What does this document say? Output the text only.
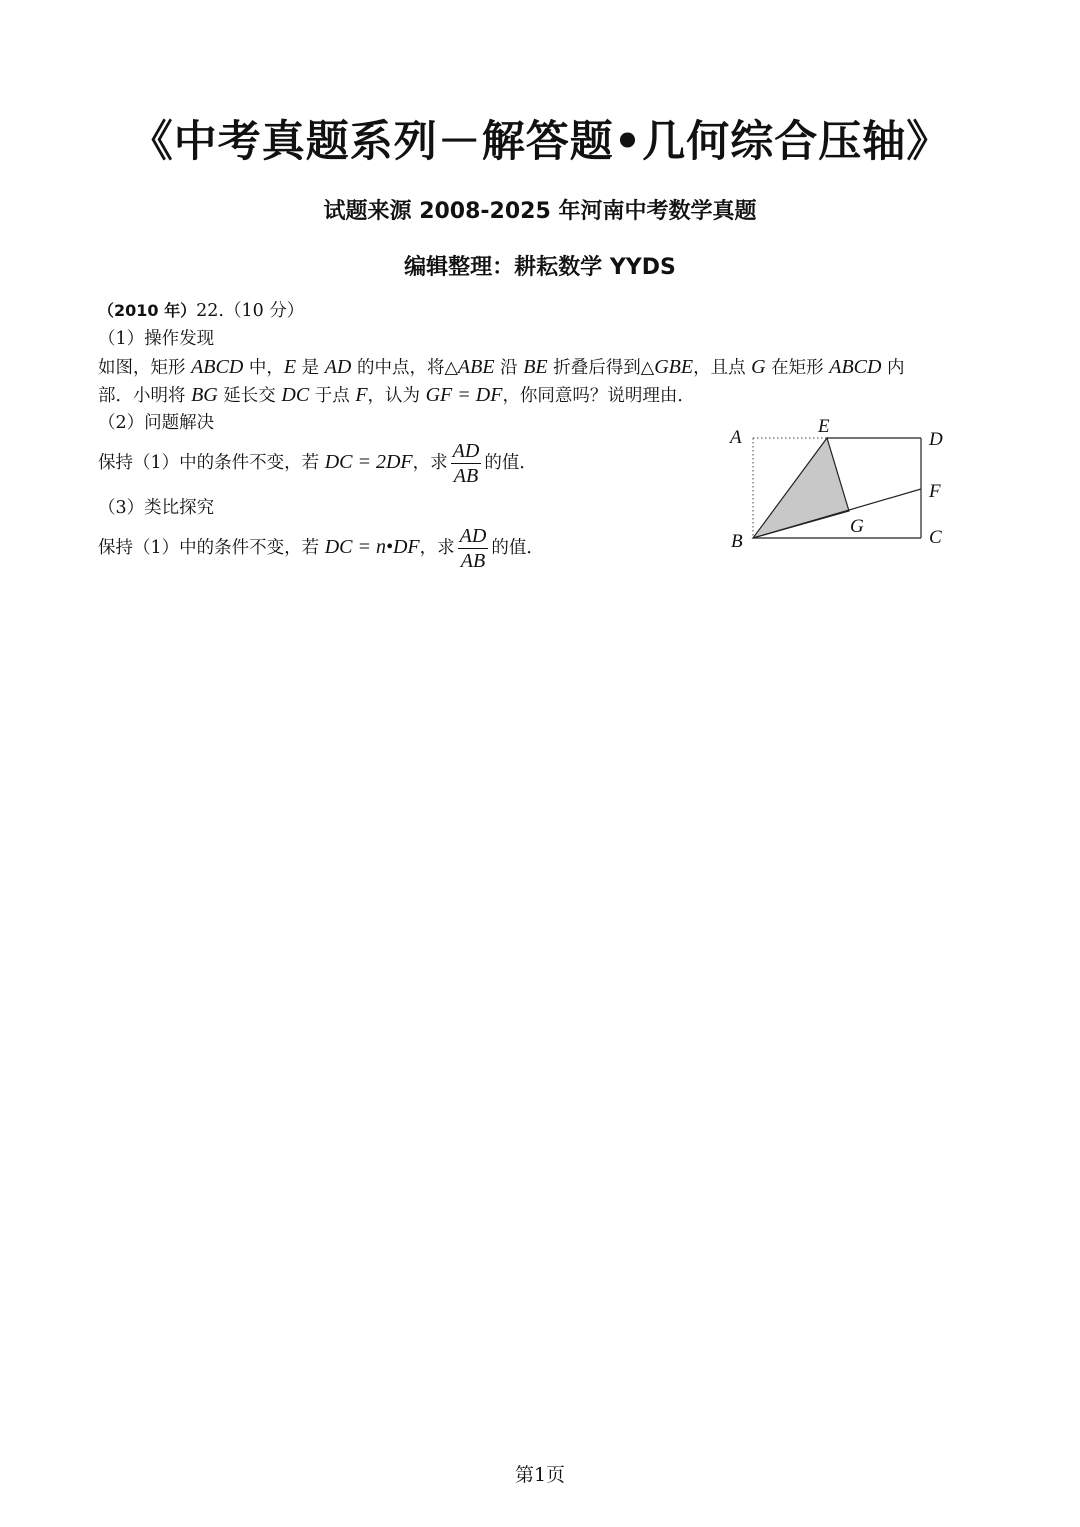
《中考真题系列－解答题•几何综合压轴》
试题来源 2008-2025 年河南中考数学真题
编辑整理：耕耘数学 YYDS
（2010 年）22.（10 分）
（1）操作发现
如图，矩形 ABCD 中，E 是 AD 的中点，将△ABE 沿 BE 折叠后得到△GBE，且点 G 在矩形 ABCD 内
部．小明将 BG 延长交 DC 于点 F，认为 GF = DF，你同意吗？说明理由．
（2）问题解决
保持（1）中的条件不变，若 DC = 2DF，求 $\frac{AD}{AB}$ 的值．
（3）类比探究
保持（1）中的条件不变，若 DC = n•DF，求 $\frac{AD}{AB}$ 的值．
A
E
D
F
G
B	C
第1页
